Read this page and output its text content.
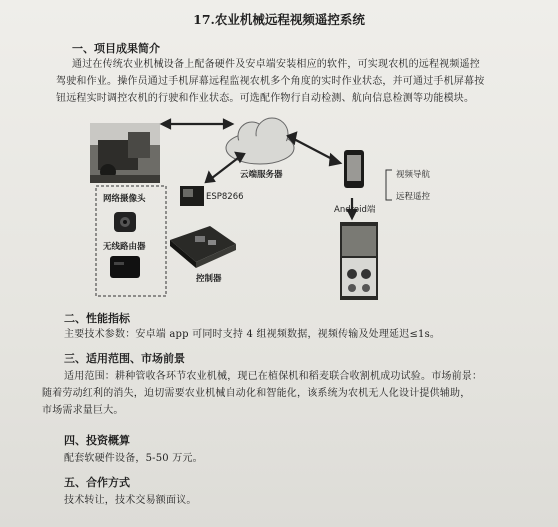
17.农业机械远程视频遥控系统
一、项目成果简介
通过在传统农业机械设备上配备硬件及安卓端安装相应的软件，可实现农机的远程视频遥控
驾驶和作业。操作员通过手机屏幕远程监视农机多个角度的实时作业状态，并可通过手机屏幕按
钮远程实时调控农机的行驶和作业状态。可选配作物行自动检测、航向信息检测等功能模块。
网络摄像头
无线路由器
ESP8266
控制器
云端服务器
Android端
视频导航
远程遥控
二、性能指标
主要技术参数：安卓端 app 可同时支持 4 组视频数据，视频传输及处理延迟≤1s。
三、适用范围、市场前景
适用范围：耕种管收各环节农业机械，现已在植保机和稻麦联合收割机成功试验。市场前景：
随着劳动红利的消失，迫切需要农业机械自动化和智能化，该系统为农机无人化设计提供辅助，
市场需求量巨大。
四、投资概算
配套软硬件设备，5-50 万元。
五、合作方式
技术转让，技术交易额面议。
